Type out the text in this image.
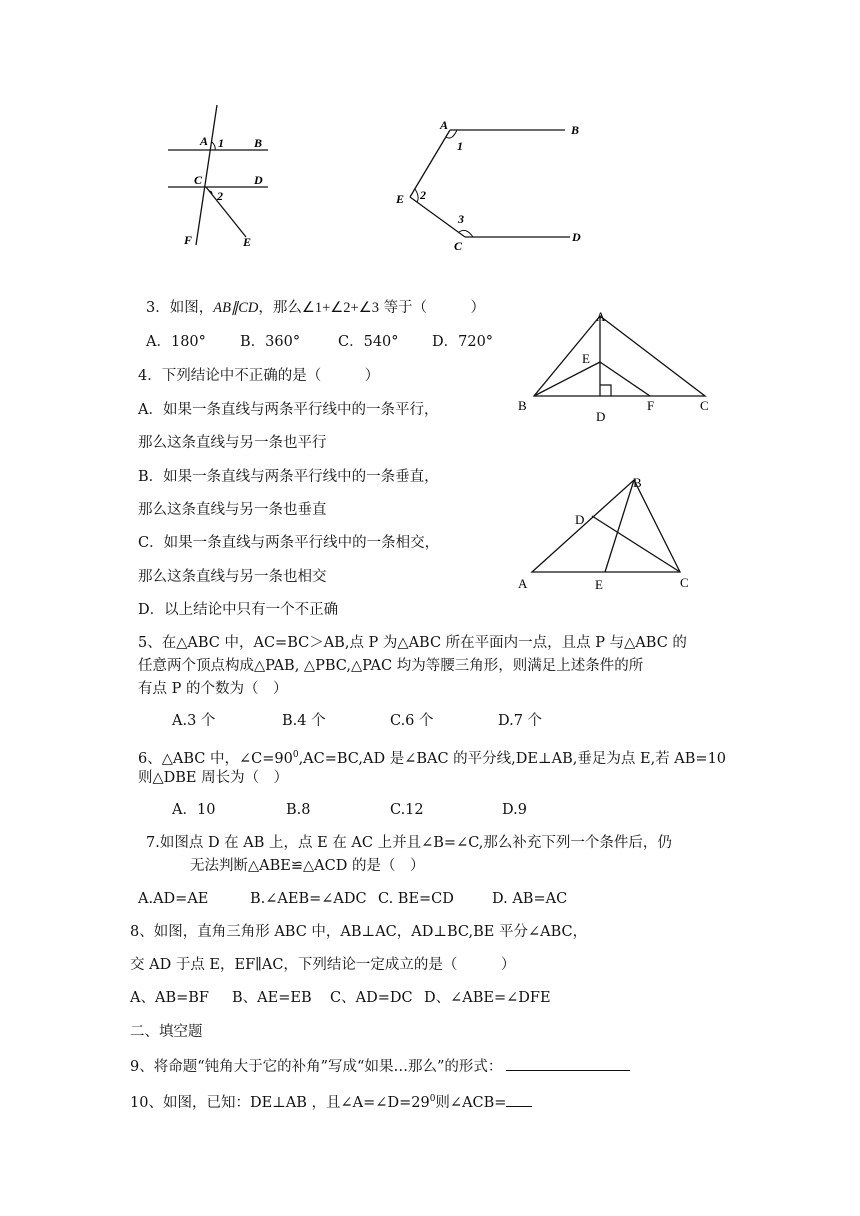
A 1	B
C
2
D
F	E
A
1
B
E 2
3
C
D
A
E
B
D
F	C
B
D
A	E	C
3．如图，AB∥CD，那么∠1+∠2+∠3 等于（　　　）
A．180° B．360°	C．540° D．720°
4．下列结论中不正确的是（　　　）
A．如果一条直线与两条平行线中的一条平行，
那么这条直线与另一条也平行
B．如果一条直线与两条平行线中的一条垂直，
那么这条直线与另一条也垂直
C．如果一条直线与两条平行线中的一条相交，
那么这条直线与另一条也相交
D．以上结论中只有一个不正确
5、在△ABC 中，AC=BC＞AB,点 P 为△ABC 所在平面内一点，且点 P 与△ABC 的
任意两个顶点构成△PAB, △PBC,△PAC 均为等腰三角形，则满足上述条件的所
有点 P 的个数为（　）
A.3 个	B.4 个	C.6 个	D.7 个
6、△ABC 中，$\angle C=90^0,AC=BC,AD$ 是∠BAC 的平分线,DE⊥AB,垂足为点 E,若 AB=10
则△DBE 周长为（　）
A．10	B.8	C.12	D.9
7.如图点 D 在 AB 上，点 E 在 AC 上并且∠B=∠C,那么补充下列一个条件后，仍
无法判断△ABE≌△ACD 的是（　）
A.AD=AE	B.∠AEB=∠ADC C. BE=CD	D. AB=AC
8、如图，直角三角形 ABC 中，AB⊥AC，AD⊥BC,BE 平分∠ABC，
交 AD 于点 E，EF∥AC，下列结论一定成立的是（　　　）
A、AB=BF B、AE=EB C、AD=DC D、∠ABE=∠DFE
二、填空题
9、将命题“钝角大于它的补角”写成“如果…那么”的形式：
10、如图，已知：DE⊥AB ，且$\angle A=\angle D=29^0$则∠ACB=
